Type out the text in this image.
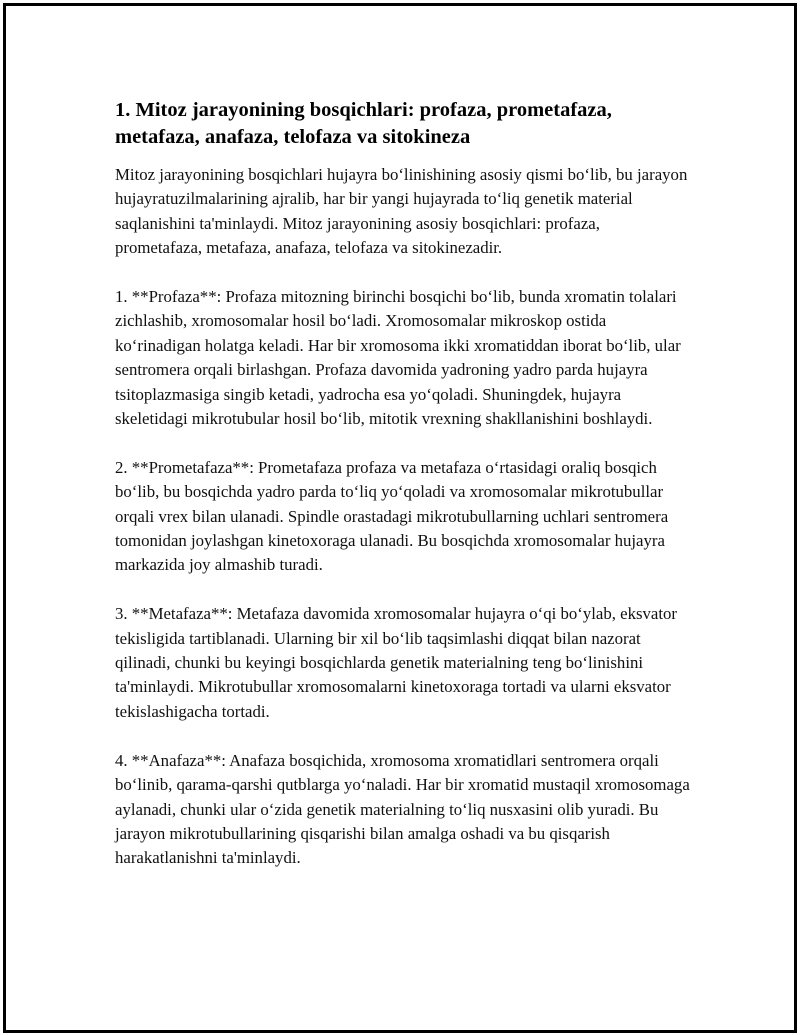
1. Mitoz jarayonining bosqichlari: profaza, prometafaza, metafaza, anafaza, telofaza va sitokineza

Mitoz jarayonining bosqichlari hujayra bo‘linishining asosiy qismi bo‘lib, bu jarayon hujayratuzilmalarining ajralib, har bir yangi hujayrada to‘liq genetik material saqlanishini ta'minlaydi. Mitoz jarayonining asosiy bosqichlari: profaza, prometafaza, metafaza, anafaza, telofaza va sitokinezadir.

1. **Profaza**: Profaza mitozning birinchi bosqichi bo‘lib, bunda xromatin tolalari zichlashib, xromosomalar hosil bo‘ladi. Xromosomalar mikroskop ostida ko‘rinadigan holatga keladi. Har bir xromosoma ikki xromatiddan iborat bo‘lib, ular sentromera orqali birlashgan. Profaza davomida yadroning yadro parda hujayra tsitoplazmasiga singib ketadi, yadrocha esa yo‘qoladi. Shuningdek, hujayra skeletidagi mikrotubular hosil bo‘lib, mitotik vrexning shakllanishini boshlaydi.

2. **Prometafaza**: Prometafaza profaza va metafaza o‘rtasidagi oraliq bosqich bo‘lib, bu bosqichda yadro parda to‘liq yo‘qoladi va xromosomalar mikrotubullar orqali vrex bilan ulanadi. Spindle orastadagi mikrotubullarning uchlari sentromera tomonidan joylashgan kinetoxoraga ulanadi. Bu bosqichda xromosomalar hujayra markazida joy almashib turadi.

3. **Metafaza**: Metafaza davomida xromosomalar hujayra o‘qi bo‘ylab, eksvator tekisligida tartiblanadi. Ularning bir xil bo‘lib taqsimlashi diqqat bilan nazorat qilinadi, chunki bu keyingi bosqichlarda genetik materialning teng bo‘linishini ta'minlaydi. Mikrotubullar xromosomalarni kinetoxoraga tortadi va ularni eksvator tekislashigacha tortadi.

4. **Anafaza**: Anafaza bosqichida, xromosoma xromatidlari sentromera orqali bo‘linib, qarama-qarshi qutblarga yo‘naladi. Har bir xromatid mustaqil xromosomaga aylanadi, chunki ular o‘zida genetik materialning to‘liq nusxasini olib yuradi. Bu jarayon mikrotubullarining qisqarishi bilan amalga oshadi va bu qisqarish harakatlanishni ta'minlaydi.
